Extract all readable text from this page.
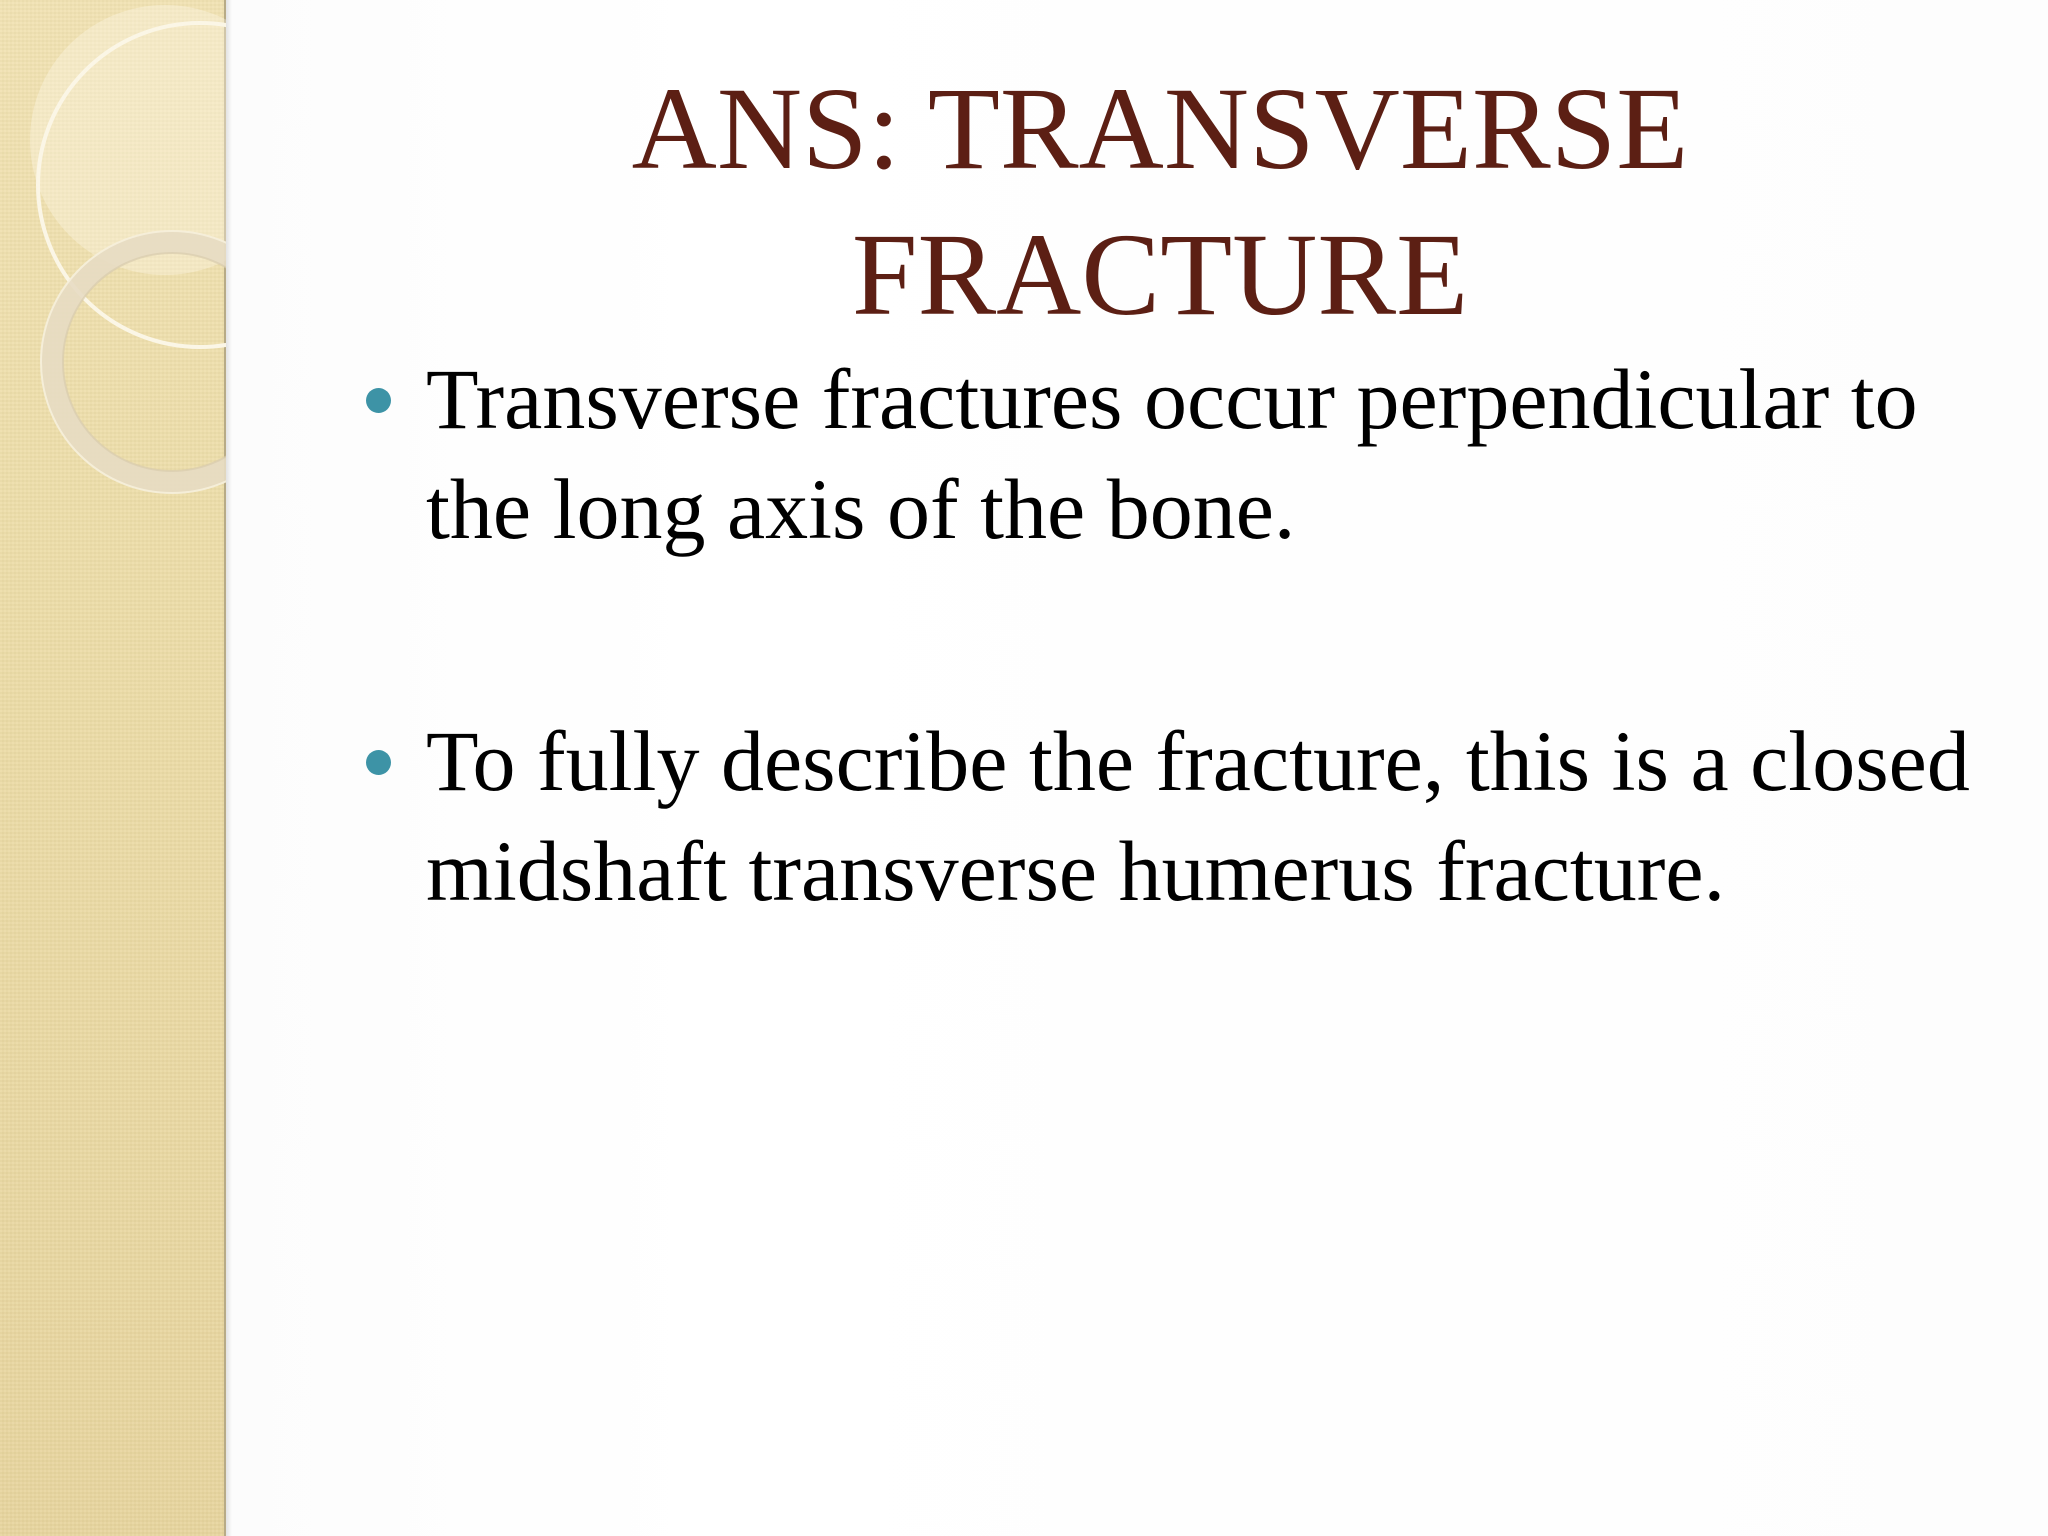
ANS: TRANSVERSE
FRACTURE
Transverse fractures occur perpendicular to the long axis of the bone.
To fully describe the fracture, this is a closed midshaft transverse humerus fracture.
